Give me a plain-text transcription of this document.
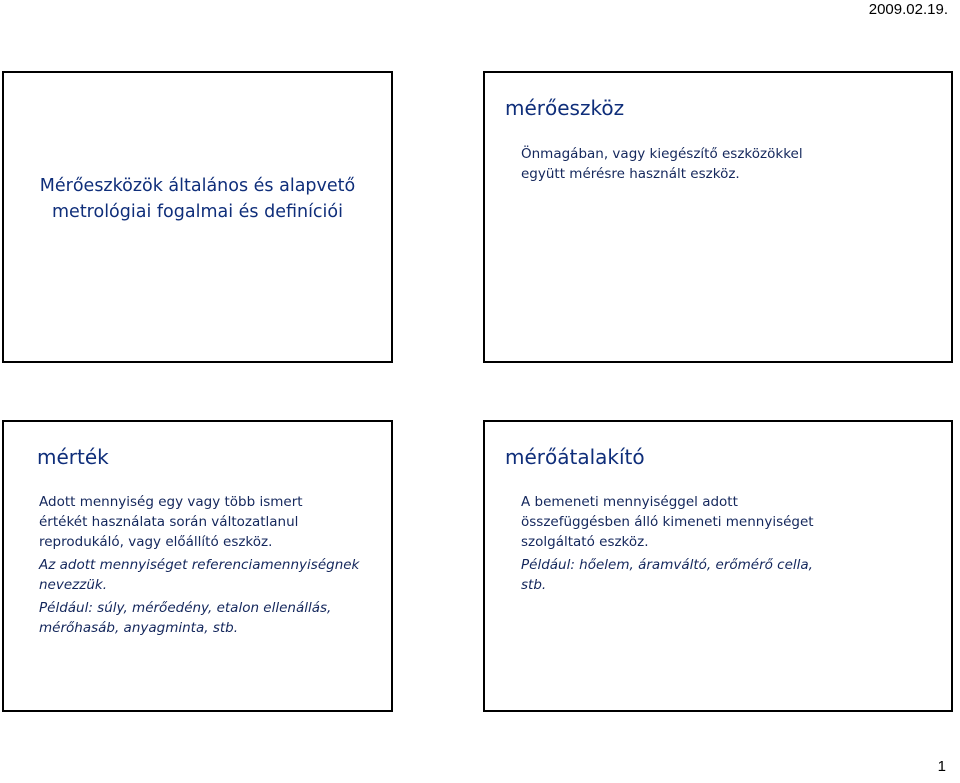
2009.02.19.
Mérőeszközök általános és alapvető
metrológiai fogalmai és definíciói
mérőeszköz

Önmagában, vagy kiegészítő eszközökkel
együtt mérésre használt eszköz.

mérték

Adott mennyiség egy vagy több ismert
értékét használata során változatlanul
reprodukáló, vagy előállító eszköz.

Az adott mennyiséget referenciamennyiségnek
nevezzük.

Például: súly, mérőedény, etalon ellenállás,
mérőhasáb, anyagminta, stb.

mérőátalakító

A bemeneti mennyiséggel adott
összefüggésben álló kimeneti mennyiséget
szolgáltató eszköz.

Például: hőelem, áramváltó, erőmérő cella,
stb.

1
